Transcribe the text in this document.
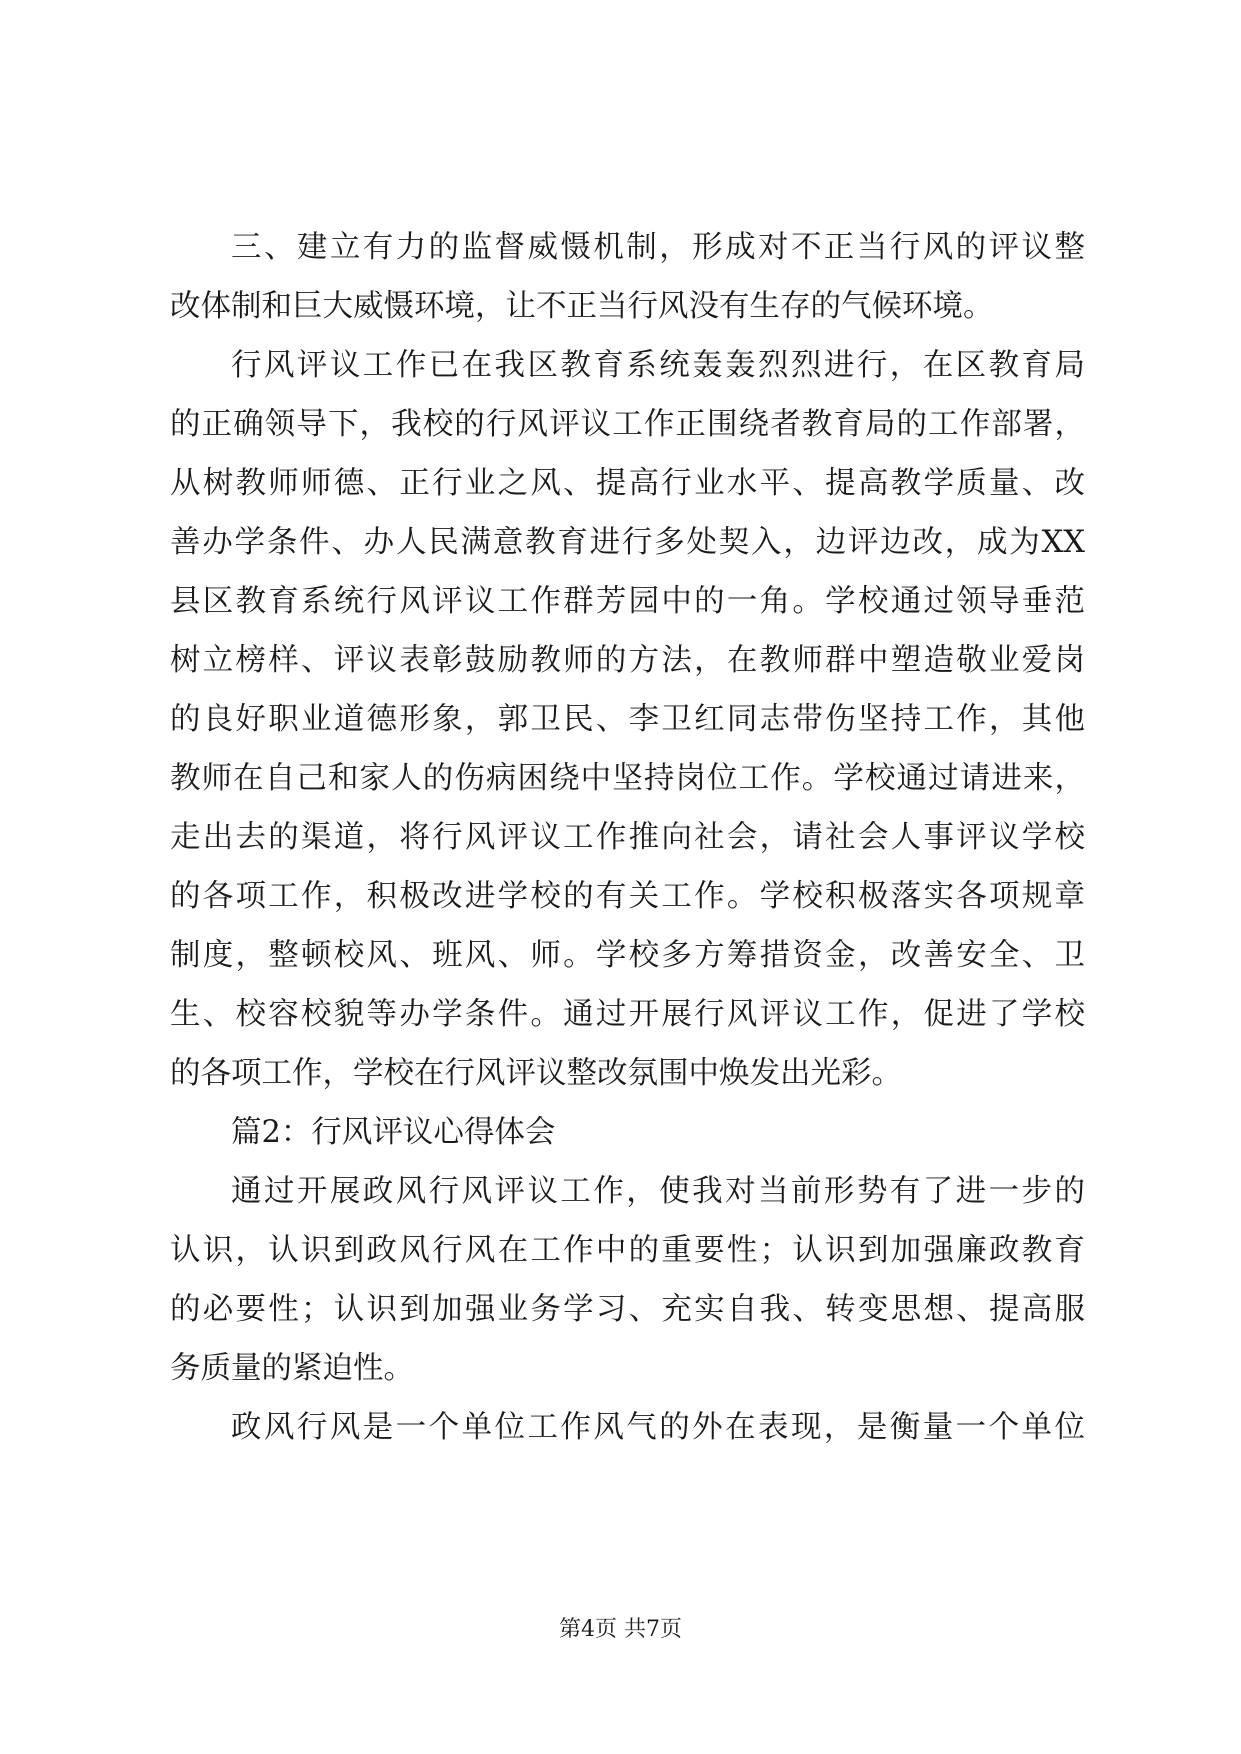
三、建立有力的监督威慑机制，形成对不正当行风的评议整
改体制和巨大威慑环境，让不正当行风没有生存的气候环境。
行风评议工作已在我区教育系统轰轰烈烈进行，在区教育局
的正确领导下，我校的行风评议工作正围绕者教育局的工作部署，
从树教师师德、正行业之风、提高行业水平、提高教学质量、改
善办学条件、办人民满意教育进行多处契入，边评边改，成为XX
县区教育系统行风评议工作群芳园中的一角。学校通过领导垂范
树立榜样、评议表彰鼓励教师的方法，在教师群中塑造敬业爱岗
的良好职业道德形象，郭卫民、李卫红同志带伤坚持工作，其他
教师在自己和家人的伤病困绕中坚持岗位工作。学校通过请进来，
走出去的渠道，将行风评议工作推向社会，请社会人事评议学校
的各项工作，积极改进学校的有关工作。学校积极落实各项规章
制度，整顿校风、班风、师。学校多方筹措资金，改善安全、卫
生、校容校貌等办学条件。通过开展行风评议工作，促进了学校
的各项工作，学校在行风评议整改氛围中焕发出光彩。
篇2：行风评议心得体会
通过开展政风行风评议工作，使我对当前形势有了进一步的
认识，认识到政风行风在工作中的重要性；认识到加强廉政教育
的必要性；认识到加强业务学习、充实自我、转变思想、提高服
务质量的紧迫性。
政风行风是一个单位工作风气的外在表现，是衡量一个单位
第4页 共7页
